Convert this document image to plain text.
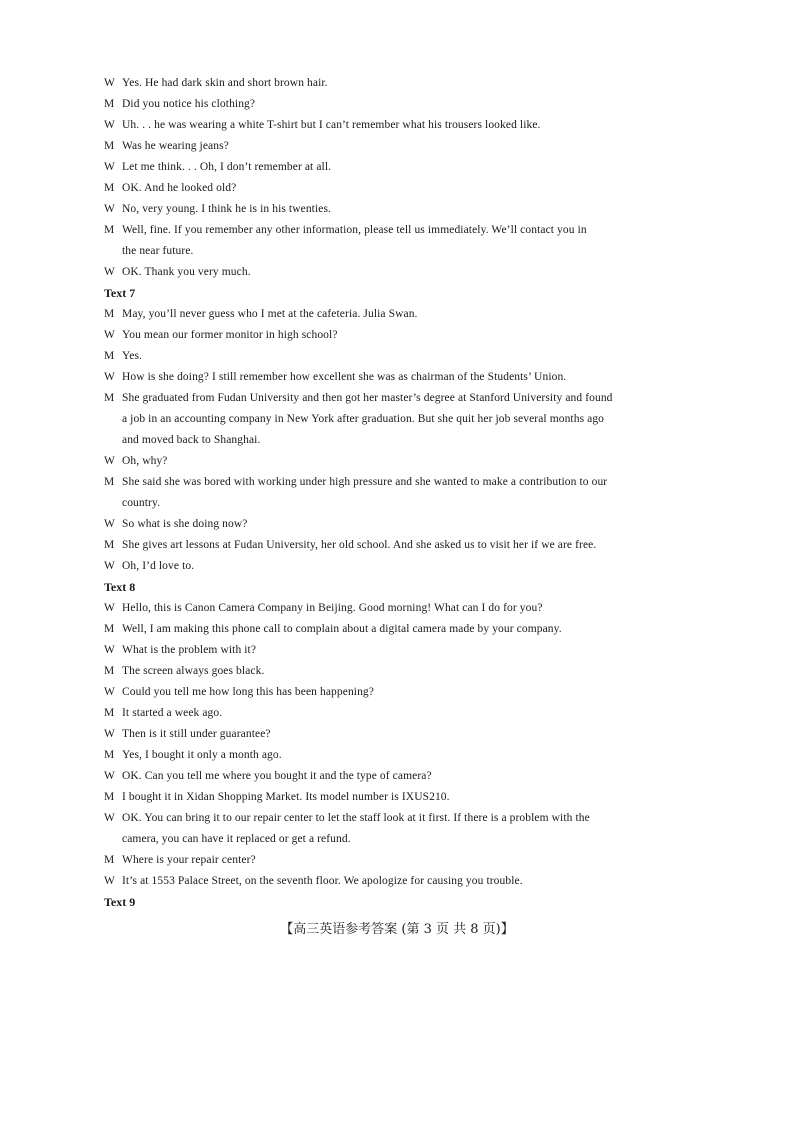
W Yes. He had dark skin and short brown hair.
M Did you notice his clothing?
W Uh. . . he was wearing a white T-shirt but I can’t remember what his trousers looked like.
M Was he wearing jeans?
W Let me think. . . Oh, I don’t remember at all.
M OK. And he looked old?
W No, very young. I think he is in his twenties.
M Well, fine. If you remember any other information, please tell us immediately. We’ll contact you in
the near future.
W OK. Thank you very much.
Text 7
M May, you’ll never guess who I met at the cafeteria. Julia Swan.
W You mean our former monitor in high school?
M Yes.
W How is she doing? I still remember how excellent she was as chairman of the Students’ Union.
M She graduated from Fudan University and then got her master’s degree at Stanford University and found
a job in an accounting company in New York after graduation. But she quit her job several months ago
and moved back to Shanghai.
W Oh, why?
M She said she was bored with working under high pressure and she wanted to make a contribution to our
country.
W So what is she doing now?
M She gives art lessons at Fudan University, her old school. And she asked us to visit her if we are free.
W Oh, I’d love to.
Text 8
W Hello, this is Canon Camera Company in Beijing. Good morning! What can I do for you?
M Well, I am making this phone call to complain about a digital camera made by your company.
W What is the problem with it?
M The screen always goes black.
W Could you tell me how long this has been happening?
M It started a week ago.
W Then is it still under guarantee?
M Yes, I bought it only a month ago.
W OK. Can you tell me where you bought it and the type of camera?
M I bought it in Xidan Shopping Market. Its model number is IXUS210.
W OK. You can bring it to our repair center to let the staff look at it first. If there is a problem with the
camera, you can have it replaced or get a refund.
M Where is your repair center?
W It’s at 1553 Palace Street, on the seventh floor. We apologize for causing you trouble.
Text 9
【高三英语参考答案 (第 3 页 共 8 页)】
